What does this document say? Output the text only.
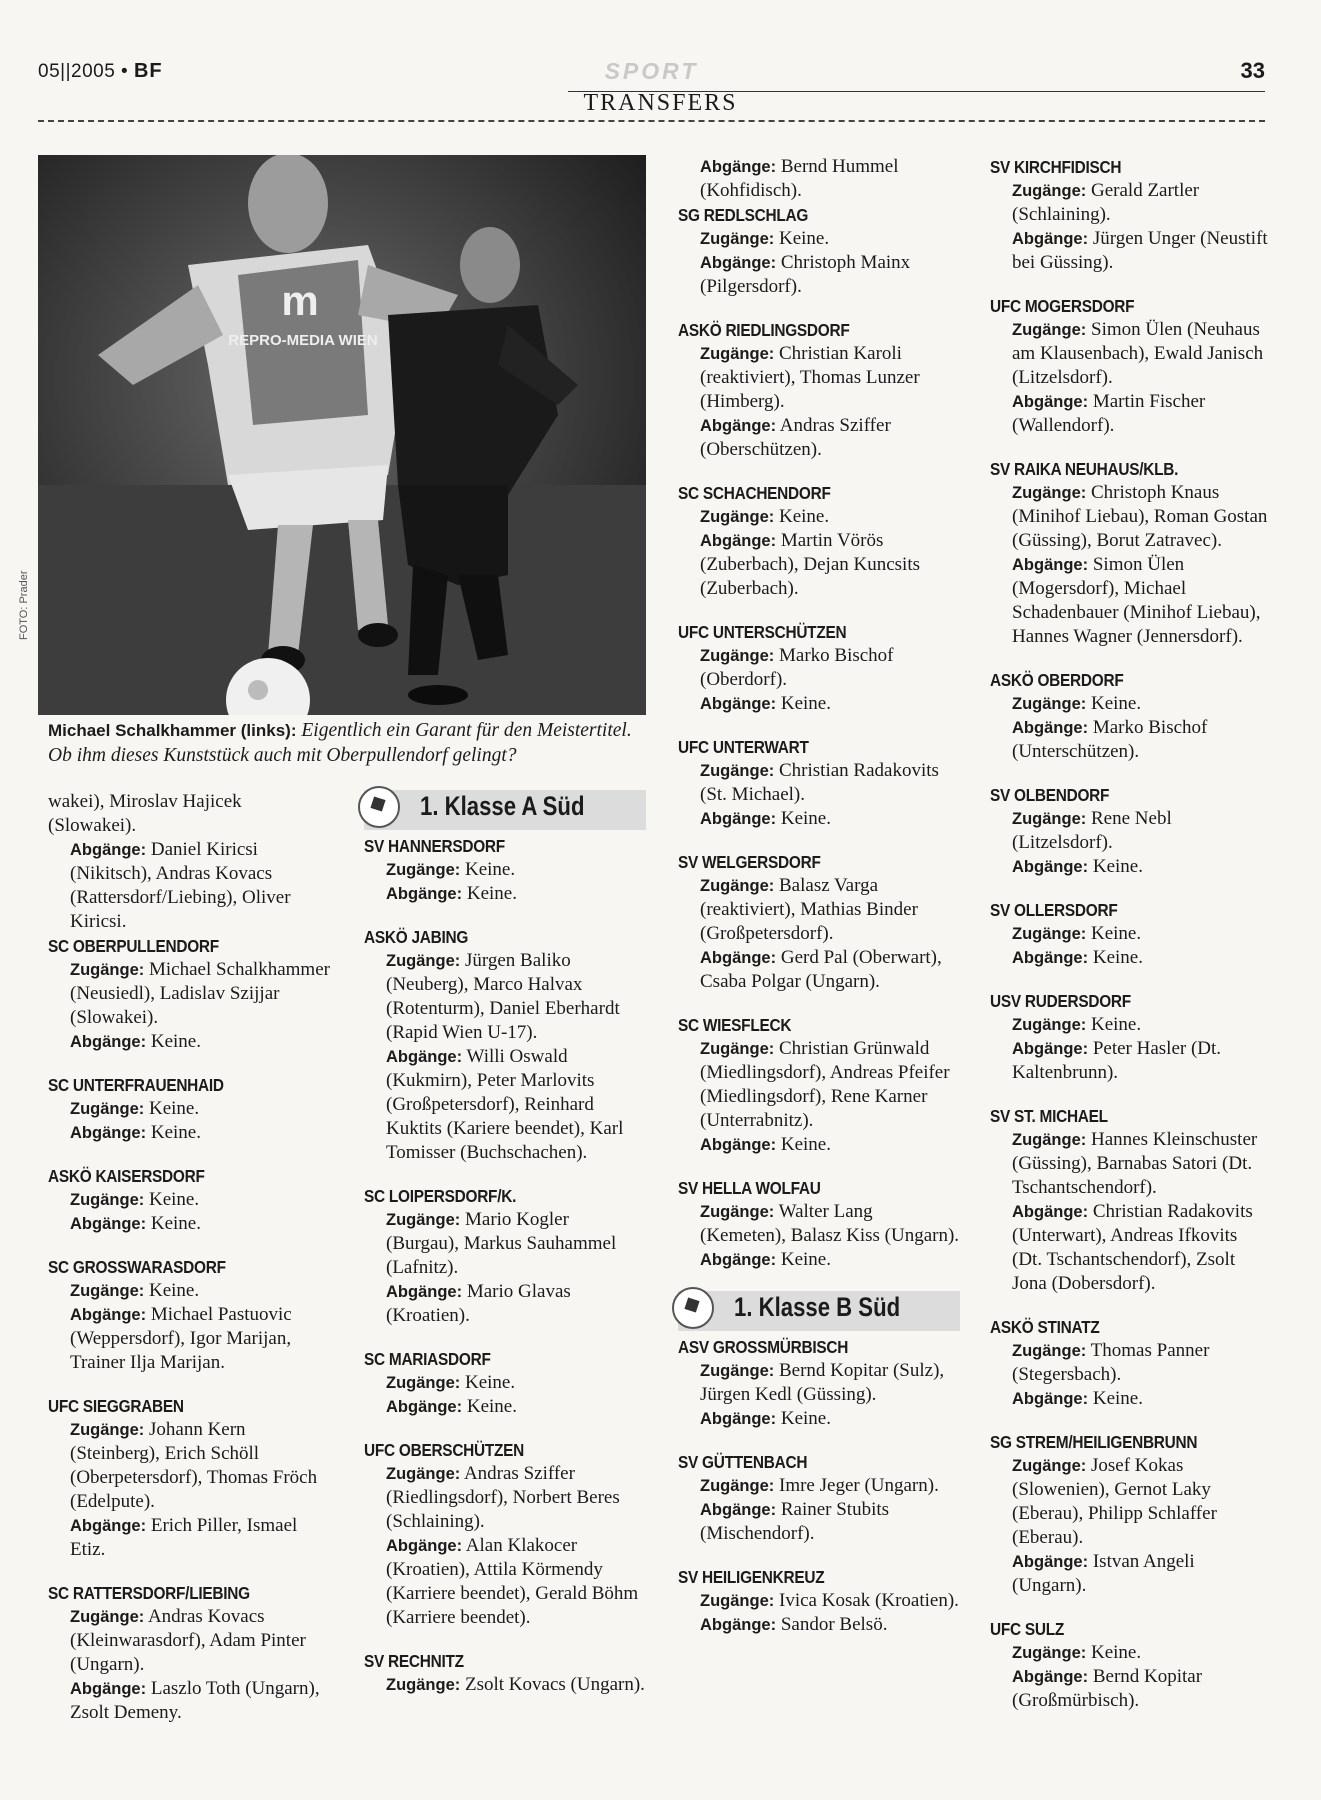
05||2005 • BF	SPORT	33
TRANSFERS
m
REPRO-MEDIA WIEN
FOTO: Prader
Michael Schalkhammer (links): Eigentlich ein Garant für den Meistertitel. Ob ihm dieses Kunststück auch mit Oberpullendorf gelingt?

wakei), Miroslav Hajicek (Slowakei).

Abgänge: Daniel Kiricsi (Nikitsch), Andras Kovacs (Rattersdorf/Liebing), Oliver Kiricsi.

SC OBERPULLENDORF

Zugänge: Michael Schalkhammer (Neusiedl), Ladislav Szijjar (Slowakei).

Abgänge: Keine.

SC UNTERFRAUENHAID

Zugänge: Keine.

Abgänge: Keine.

ASKÖ KAISERSDORF

Zugänge: Keine.

Abgänge: Keine.

SC GROSSWARASDORF

Zugänge: Keine.

Abgänge: Michael Pastuovic (Weppersdorf), Igor Marijan, Trainer Ilja Marijan.

UFC SIEGGRABEN

Zugänge: Johann Kern (Steinberg), Erich Schöll (Oberpetersdorf), Thomas Fröch (Edelpute).

Abgänge: Erich Piller, Ismael Etiz.

SC RATTERSDORF/LIEBING

Zugänge: Andras Kovacs (Kleinwarasdorf), Adam Pinter (Ungarn).

Abgänge: Laszlo Toth (Ungarn), Zsolt Demeny.

1. Klasse A Süd
SV HANNERSDORF

Zugänge: Keine.

Abgänge: Keine.

ASKÖ JABING

Zugänge: Jürgen Baliko (Neuberg), Marco Halvax (Rotenturm), Daniel Eberhardt (Rapid Wien U-17).

Abgänge: Willi Oswald (Kukmirn), Peter Marlovits (Großpetersdorf), Reinhard Kuktits (Kariere beendet), Karl Tomisser (Buchschachen).

SC LOIPERSDORF/K.

Zugänge: Mario Kogler (Burgau), Markus Sauhammel (Lafnitz).

Abgänge: Mario Glavas (Kroatien).

SC MARIASDORF

Zugänge: Keine.

Abgänge: Keine.

UFC OBERSCHÜTZEN

Zugänge: Andras Sziffer (Riedlingsdorf), Norbert Beres (Schlaining).

Abgänge: Alan Klakocer (Kroatien), Attila Körmendy (Karriere beendet), Gerald Böhm (Karriere beendet).

SV RECHNITZ

Zugänge: Zsolt Kovacs (Ungarn).

Abgänge: Bernd Hummel (Kohfidisch).

SG REDLSCHLAG

Zugänge: Keine.

Abgänge: Christoph Mainx (Pilgersdorf).

ASKÖ RIEDLINGSDORF

Zugänge: Christian Karoli (reaktiviert), Thomas Lunzer (Himberg).

Abgänge: Andras Sziffer (Oberschützen).

SC SCHACHENDORF

Zugänge: Keine.

Abgänge: Martin Vörös (Zuberbach), Dejan Kuncsits (Zuberbach).

UFC UNTERSCHÜTZEN

Zugänge: Marko Bischof (Oberdorf).

Abgänge: Keine.

UFC UNTERWART

Zugänge: Christian Radakovits (St. Michael).

Abgänge: Keine.

SV WELGERSDORF

Zugänge: Balasz Varga (reaktiviert), Mathias Binder (Großpetersdorf).

Abgänge: Gerd Pal (Oberwart), Csaba Polgar (Ungarn).

SC WIESFLECK

Zugänge: Christian Grünwald (Miedlingsdorf), Andreas Pfeifer (Miedlingsdorf), Rene Karner (Unterrabnitz).

Abgänge: Keine.

SV HELLA WOLFAU

Zugänge: Walter Lang (Kemeten), Balasz Kiss (Ungarn).

Abgänge: Keine.

1. Klasse B Süd
ASV GROSSMÜRBISCH

Zugänge: Bernd Kopitar (Sulz), Jürgen Kedl (Güssing).

Abgänge: Keine.

SV GÜTTENBACH

Zugänge: Imre Jeger (Ungarn).

Abgänge: Rainer Stubits (Mischendorf).

SV HEILIGENKREUZ

Zugänge: Ivica Kosak (Kroatien).

Abgänge: Sandor Belsö.

SV KIRCHFIDISCH

Zugänge: Gerald Zartler (Schlaining).

Abgänge: Jürgen Unger (Neustift bei Güssing).

UFC MOGERSDORF

Zugänge: Simon Ülen (Neuhaus am Klausenbach), Ewald Janisch (Litzelsdorf).

Abgänge: Martin Fischer (Wallendorf).

SV RAIKA NEUHAUS/KLB.

Zugänge: Christoph Knaus (Minihof Liebau), Roman Gostan (Güssing), Borut Zatravec).

Abgänge: Simon Ülen (Mogersdorf), Michael Schadenbauer (Minihof Liebau), Hannes Wagner (Jennersdorf).

ASKÖ OBERDORF

Zugänge: Keine.

Abgänge: Marko Bischof (Unterschützen).

SV OLBENDORF

Zugänge: Rene Nebl (Litzelsdorf).

Abgänge: Keine.

SV OLLERSDORF

Zugänge: Keine.

Abgänge: Keine.

USV RUDERSDORF

Zugänge: Keine.

Abgänge: Peter Hasler (Dt. Kaltenbrunn).

SV ST. MICHAEL

Zugänge: Hannes Kleinschuster (Güssing), Barnabas Satori (Dt. Tschantschendorf).

Abgänge: Christian Radakovits (Unterwart), Andreas Ifkovits (Dt. Tschantschendorf), Zsolt Jona (Dobersdorf).

ASKÖ STINATZ

Zugänge: Thomas Panner (Stegersbach).

Abgänge: Keine.

SG STREM/HEILIGENBRUNN

Zugänge: Josef Kokas (Slowenien), Gernot Laky (Eberau), Philipp Schlaffer (Eberau).

Abgänge: Istvan Angeli (Ungarn).

UFC SULZ

Zugänge: Keine.

Abgänge: Bernd Kopitar (Großmürbisch).
